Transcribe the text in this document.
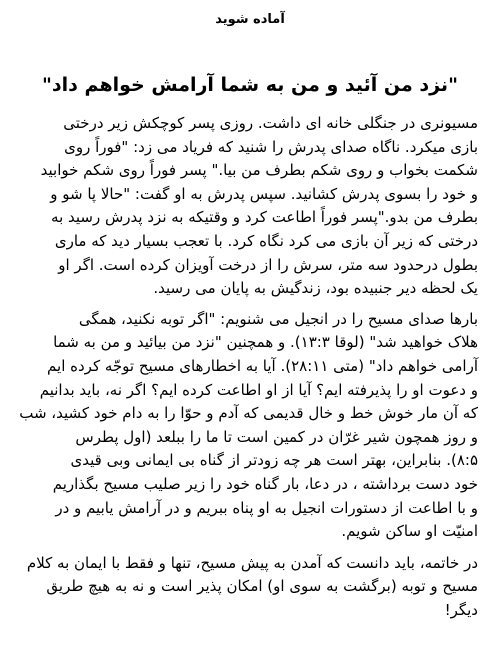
آماده شوید
"نزد من آئید و من به شما آرامش خواهم داد"

مسیونری در جنگلی خانه ای داشت. روزی پسر کوچکش زیر درختی
بازی میکرد. ناگاه صدای پدرش را شنید که فریاد می زد: "فوراً روی
شکمت بخواب و روی شکم بطرف من بیا." پسر فوراً روی شکم خوابید
و خود را بسوی پدرش کشانید. سپس پدرش به او گفت: "حالا پا شو و
بطرف من بدو."پسر فوراً اطاعت کرد و وقتیکه به نزد پدرش رسید به
درختی که زیر آن بازی می کرد نگاه کرد. با تعجب بسیار دید که ماری
بطول درحدود سه متر، سرش را از درخت آویزان کرده است. اگر او
یک لحظه دیر جنبیده بود، زندگیش به پایان می رسید.

بارها صدای مسیح را در انجیل می شنویم: "اگر توبه نکنید، همگی
هلاک خواهید شد" (لوقا ۱۳:۳). و همچنین "نزد من بیائید و من به شما
آرامی خواهم داد" (متی ۲۸:۱۱). آیا به اخطارهای مسیح توجّه کرده ایم
و دعوت او را پذیرفته ایم؟ آیا از او اطاعت کرده ایم؟ اگر نه، باید بدانیم
که آن مار خوش خط و خال قدیمی که آدم و حوّا را به دام خود کشید، شب
و روز همچون شیر غرّان در کمین است تا ما را ببلعد (اول پطرس
۸:۵). بنابراین، بهتر است هر چه زودتر از گناه بی ایمانی وبی قیدی
خود دست برداشته ، در دعا، بار گناه خود را زیر صلیب مسیح بگذاریم
و با اطاعت از دستورات انجیل به او پناه ببریم و در آرامش یابیم و در
امنیّت او ساکن شویم.

در خاتمه، باید دانست که آمدن به پیش مسیح، تنها و فقط با ایمان به کلام
مسیح و توبه (برگشت به سوی او) امکان پذیر است و نه به هیچ طریق
دیگر!
